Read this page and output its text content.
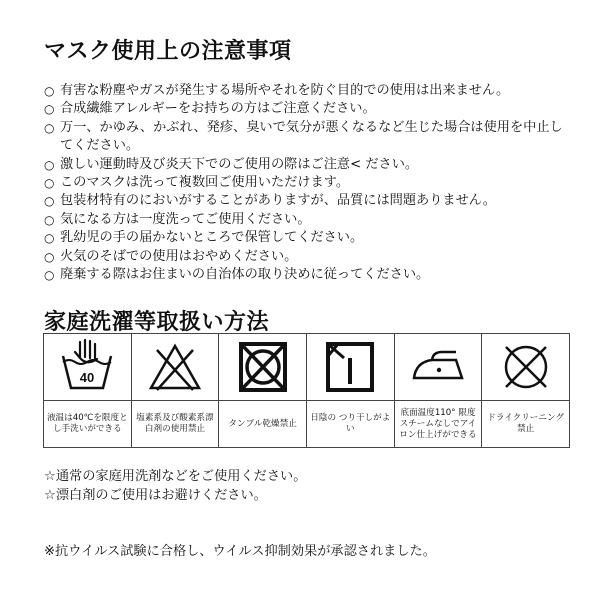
マスク使用上の注意事項
○ 有害な粉塵やガスが発生する場所やそれを防ぐ目的での使用は出来ません。
○ 合成繊維アレルギーをお持ちの方はご注意ください。
○ 万一、かゆみ、かぶれ、発疹、臭いで気分が悪くなるなど生じた場合は使用を中止してください。
○ 激しい運動時及び炎天下でのご使用の際はご注意< ださい。
○ このマスクは洗って複数回ご使用いただけます。
○ 包装材特有のにおいがすることがありますが、品質には問題ありません。
○ 気になる方は一度洗ってご使用ください。
○ 乳幼児の手の届かないところで保管してください。
○ 火気のそばでの使用はおやめください。
○ 廃棄する際はお住まいの自治体の取り決めに従ってください。
家庭洗濯等取扱い方法
40

液温は40℃を限度とし手洗いができる	塩素系及び酸素系漂白剤の使用禁止	タンブル乾燥禁止	日陰の つり干しがよい	底面温度110° 限度スチームなしでアイロン仕上げができる	ドライクリーニング禁止
☆通常の家庭用洗剤などをご使用ください。
☆漂白剤のご使用はお避けください。
※抗ウイルス試験に合格し、ウイルス抑制効果が承認されました。
